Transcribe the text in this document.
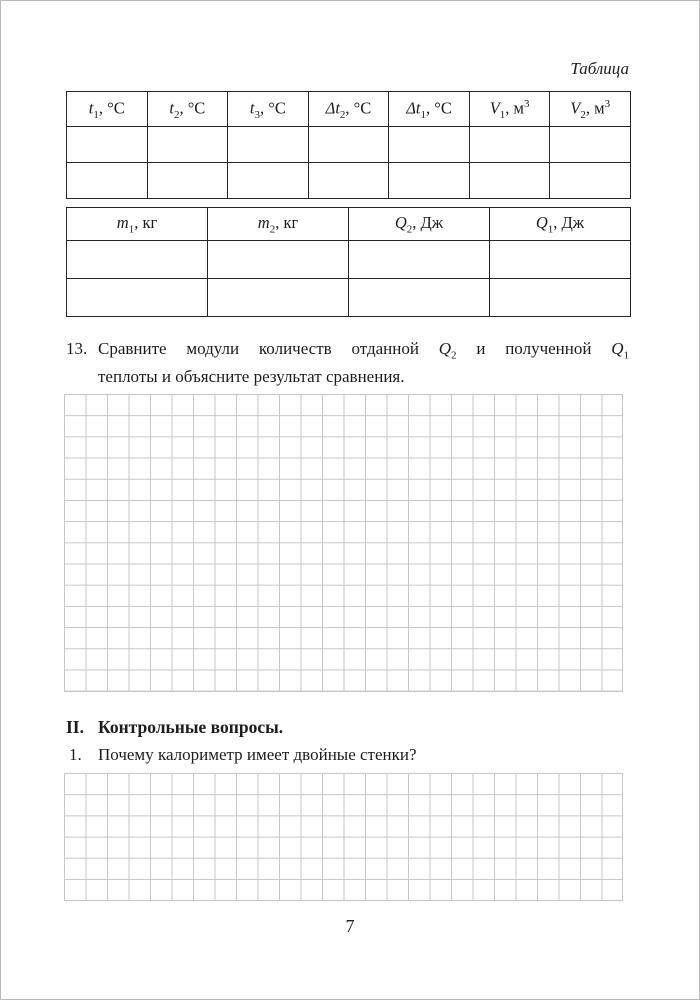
Таблица
$t_1$, °C	$t_2$, °C	$t_3$, °C	$\Delta t_2$, °C	$\Delta t_1$, °C	$V_1$, $м^3$	$V_2$, $м^3$

$m_1$, кг	$m_2$, кг	$Q_2$, Дж	$Q_1$, Дж

13. Сравните модули количеств отданной $Q_2$ и полученной $Q_1$
теплоты и объясните результат сравнения.
II. Контрольные вопросы.
1. Почему калориметр имеет двойные стенки?
7
